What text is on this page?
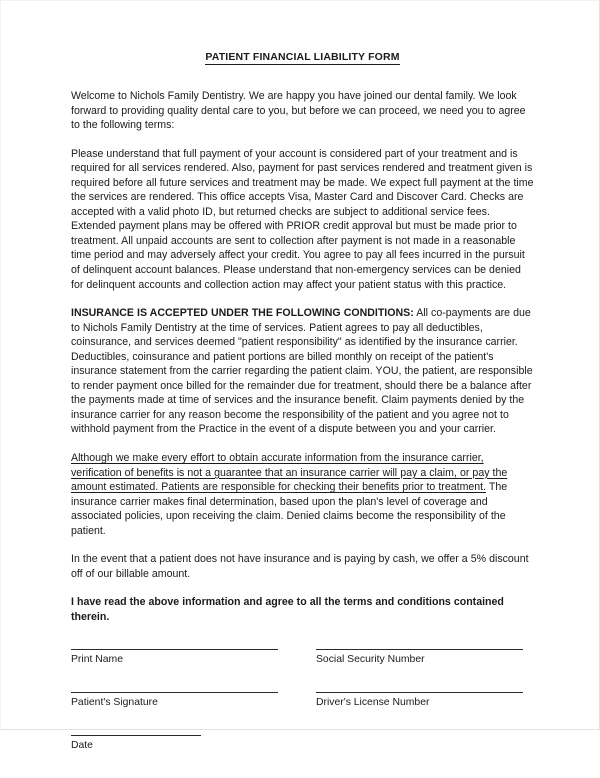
PATIENT FINANCIAL LIABILITY FORM

Welcome to Nichols Family Dentistry. We are happy you have joined our dental family. We look forward to providing quality dental care to you, but before we can proceed, we need you to agree to the following terms:

Please understand that full payment of your account is considered part of your treatment and is required for all services rendered. Also, payment for past services rendered and treatment given is required before all future services and treatment may be made. We expect full payment at the time the services are rendered. This office accepts Visa, Master Card and Discover Card. Checks are accepted with a valid photo ID, but returned checks are subject to additional service fees. Extended payment plans may be offered with PRIOR credit approval but must be made prior to treatment. All unpaid accounts are sent to collection after payment is not made in a reasonable time period and may adversely affect your credit. You agree to pay all fees incurred in the pursuit of delinquent account balances. Please understand that non-emergency services can be denied for delinquent accounts and collection action may affect your patient status with this practice.

INSURANCE IS ACCEPTED UNDER THE FOLLOWING CONDITIONS: All co-payments are due to Nichols Family Dentistry at the time of services. Patient agrees to pay all deductibles, coinsurance, and services deemed "patient responsibility" as identified by the insurance carrier. Deductibles, coinsurance and patient portions are billed monthly on receipt of the patient's insurance statement from the carrier regarding the patient claim. YOU, the patient, are responsible to render payment once billed for the remainder due for treatment, should there be a balance after the payments made at time of services and the insurance benefit. Claim payments denied by the insurance carrier for any reason become the responsibility of the patient and you agree not to withhold payment from the Practice in the event of a dispute between you and your carrier.

Although we make every effort to obtain accurate information from the insurance carrier, verification of benefits is not a guarantee that an insurance carrier will pay a claim, or pay the amount estimated. Patients are responsible for checking their benefits prior to treatment. The insurance carrier makes final determination, based upon the plan's level of coverage and associated policies, upon receiving the claim. Denied claims become the responsibility of the patient.

In the event that a patient does not have insurance and is paying by cash, we offer a 5% discount off of our billable amount.

I have read the above information and agree to all the terms and conditions contained therein.

Print Name	Social Security Number
Patient's Signature	Driver's License Number
Date
